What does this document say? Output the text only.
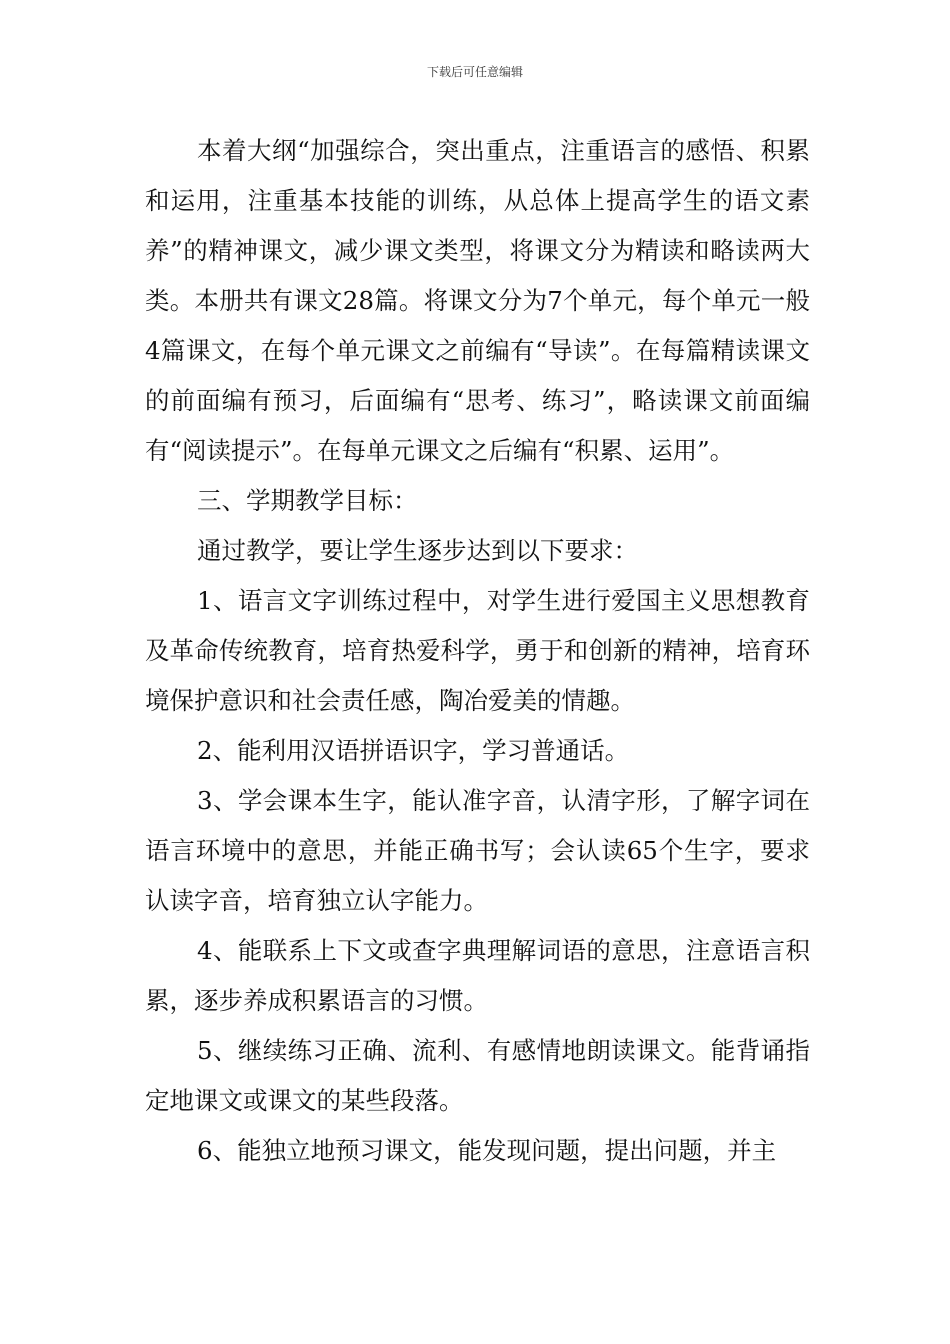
下载后可任意编辑

本着大纲“加强综合，突出重点，注重语言的感悟、积累和运用，注重基本技能的训练，从总体上提高学生的语文素养”的精神课文，减少课文类型，将课文分为精读和略读两大类。本册共有课文28篇。将课文分为7个单元，每个单元一般4篇课文，在每个单元课文之前编有“导读”。在每篇精读课文的前面编有预习，后面编有“思考、练习”，略读课文前面编有“阅读提示”。在每单元课文之后编有“积累、运用”。

三、学期教学目标：

通过教学，要让学生逐步达到以下要求：

1、语言文字训练过程中，对学生进行爱国主义思想教育及革命传统教育，培育热爱科学，勇于和创新的精神，培育环境保护意识和社会责任感，陶冶爱美的情趣。

2、能利用汉语拼语识字，学习普通话。

3、学会课本生字，能认准字音，认清字形，了解字词在语言环境中的意思，并能正确书写；会认读65个生字，要求认读字音，培育独立认字能力。

4、能联系上下文或查字典理解词语的意思，注意语言积累，逐步养成积累语言的习惯。

5、继续练习正确、流利、有感情地朗读课文。能背诵指定地课文或课文的某些段落。

6、能独立地预习课文，能发现问题，提出问题，并主
